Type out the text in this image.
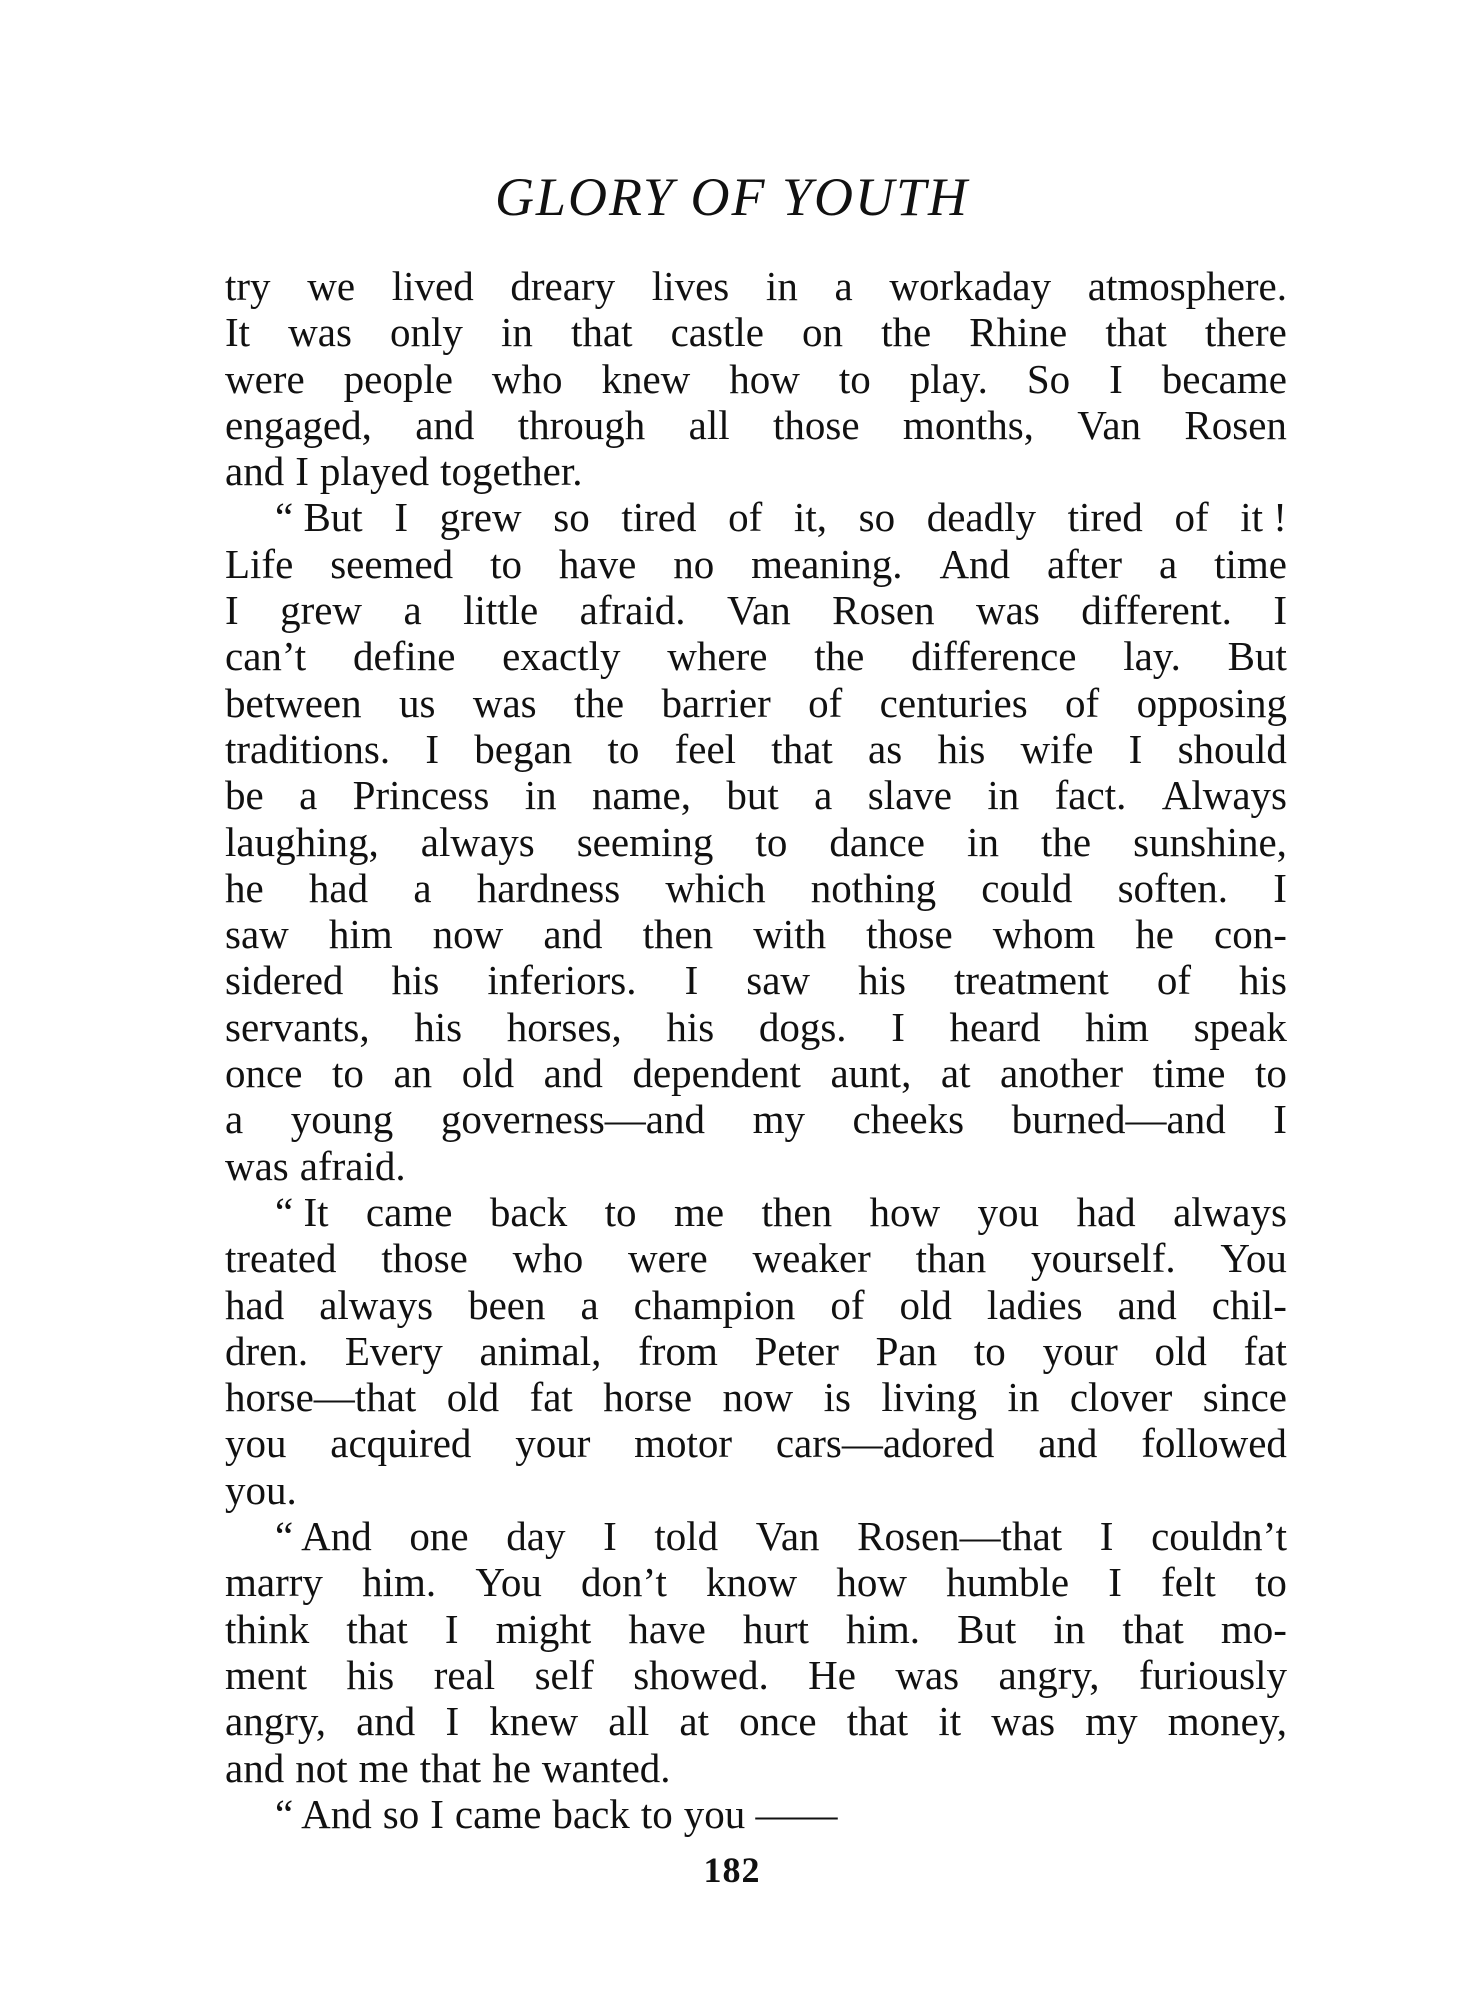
GLORY OF YOUTH
try we lived dreary lives in a workaday atmosphere.
It was only in that castle on the Rhine that there
were people who knew how to play. So I became
engaged, and through all those months, Van Rosen
and I played together.
“ But I grew so tired of it, so deadly tired of it !
Life seemed to have no meaning. And after a time
I grew a little afraid. Van Rosen was different. I
can’t define exactly where the difference lay. But
between us was the barrier of centuries of opposing
traditions. I began to feel that as his wife I should
be a Princess in name, but a slave in fact. Always
laughing, always seeming to dance in the sunshine,
he had a hardness which nothing could soften. I
saw him now and then with those whom he con-
sidered his inferiors. I saw his treatment of his
servants, his horses, his dogs. I heard him speak
once to an old and dependent aunt, at another time to
a young governess—and my cheeks burned—and I
was afraid.
“ It came back to me then how you had always
treated those who were weaker than yourself. You
had always been a champion of old ladies and chil-
dren. Every animal, from Peter Pan to your old fat
horse—that old fat horse now is living in clover since
you acquired your motor cars—adored and followed
you.
“ And one day I told Van Rosen—that I couldn’t
marry him. You don’t know how humble I felt to
think that I might have hurt him. But in that mo-
ment his real self showed. He was angry, furiously
angry, and I knew all at once that it was my money,
and not me that he wanted.
“ And so I came back to you ——
182
